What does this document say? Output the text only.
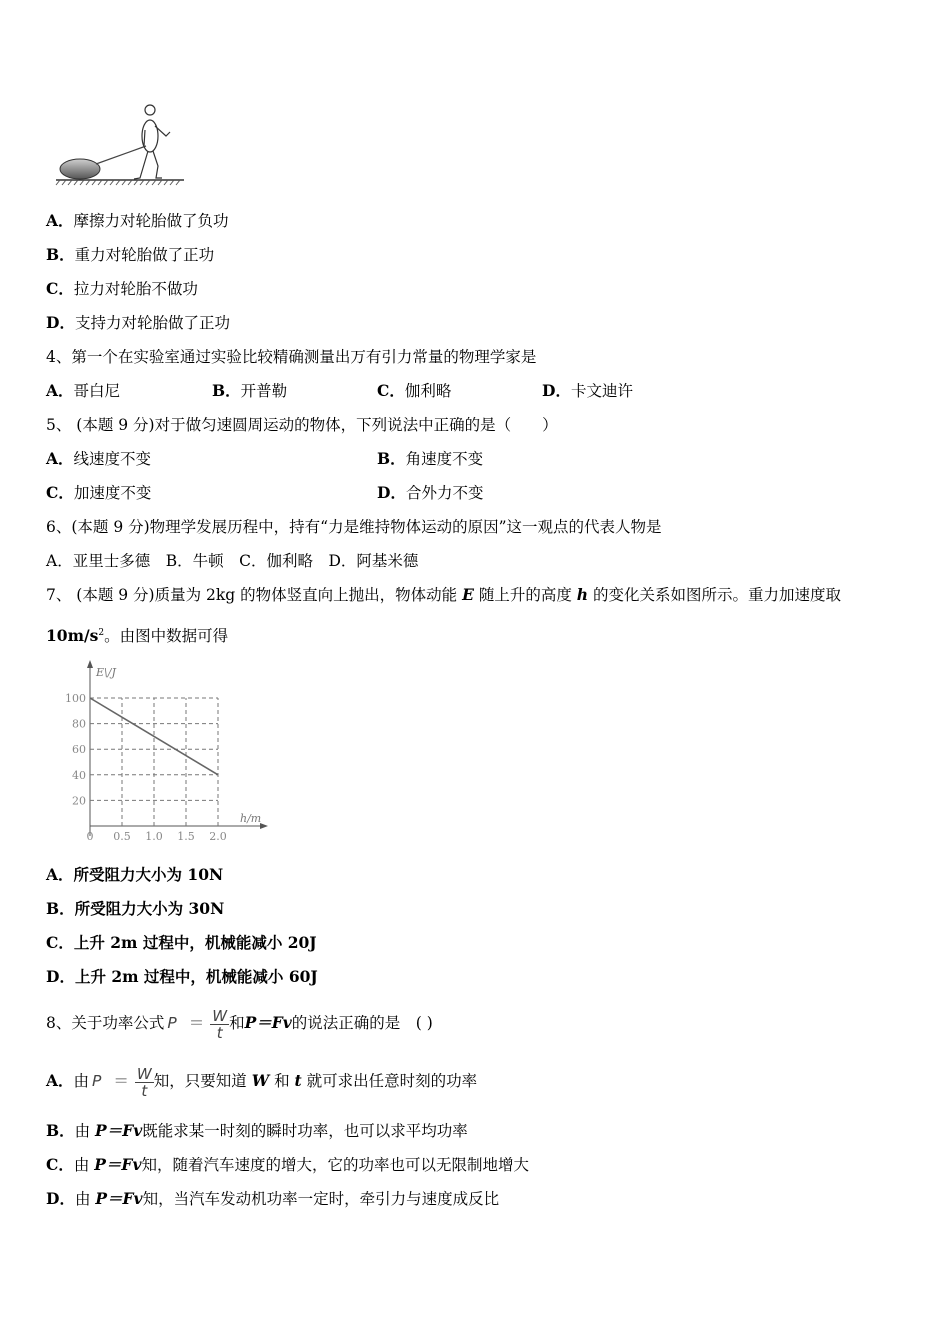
A．摩擦力对轮胎做了负功
B．重力对轮胎做了正功
C．拉力对轮胎不做功
D．支持力对轮胎做了正功
4、第一个在实验室通过实验比较精确测量出万有引力常量的物理学家是
A．哥白尼	B．开普勒	C．伽利略	D．卡文迪许
5、 (本题 9 分)对于做匀速圆周运动的物体，下列说法中正确的是（　　）
A．线速度不变	B．角速度不变
C．加速度不变	D．合外力不变
6、(本题 9 分)物理学发展历程中，持有“力是维持物体运动的原因”这一观点的代表人物是
A．亚里士多德　B．牛顿　C．伽利略　D．阿基米德
7、 (本题 9 分)质量为 2kg 的物体竖直向上抛出，物体动能 E 随上升的高度 h 的变化关系如图所示。重力加速度取
$10m/s^2$。由图中数据可得
E\/J
h/m
20
40
60
80
100
0 0.5 1.0 1.5 2.0
A．所受阻力大小为 10N
B．所受阻力大小为 30N
C．上升 2m 过程中，机械能减小 20J
D．上升 2m 过程中，机械能减小 60J
8、关于功率公式 $P = \frac{W}{t}$ 和P＝Fv的说法正确的是　( )
A．由 $P = \frac{W}{t}$ 知，只要知道 W 和 t 就可求出任意时刻的功率
B．由 P＝Fv既能求某一时刻的瞬时功率，也可以求平均功率
C．由 P＝Fv知，随着汽车速度的增大，它的功率也可以无限制地增大
D．由 P＝Fv知，当汽车发动机功率一定时，牵引力与速度成反比
